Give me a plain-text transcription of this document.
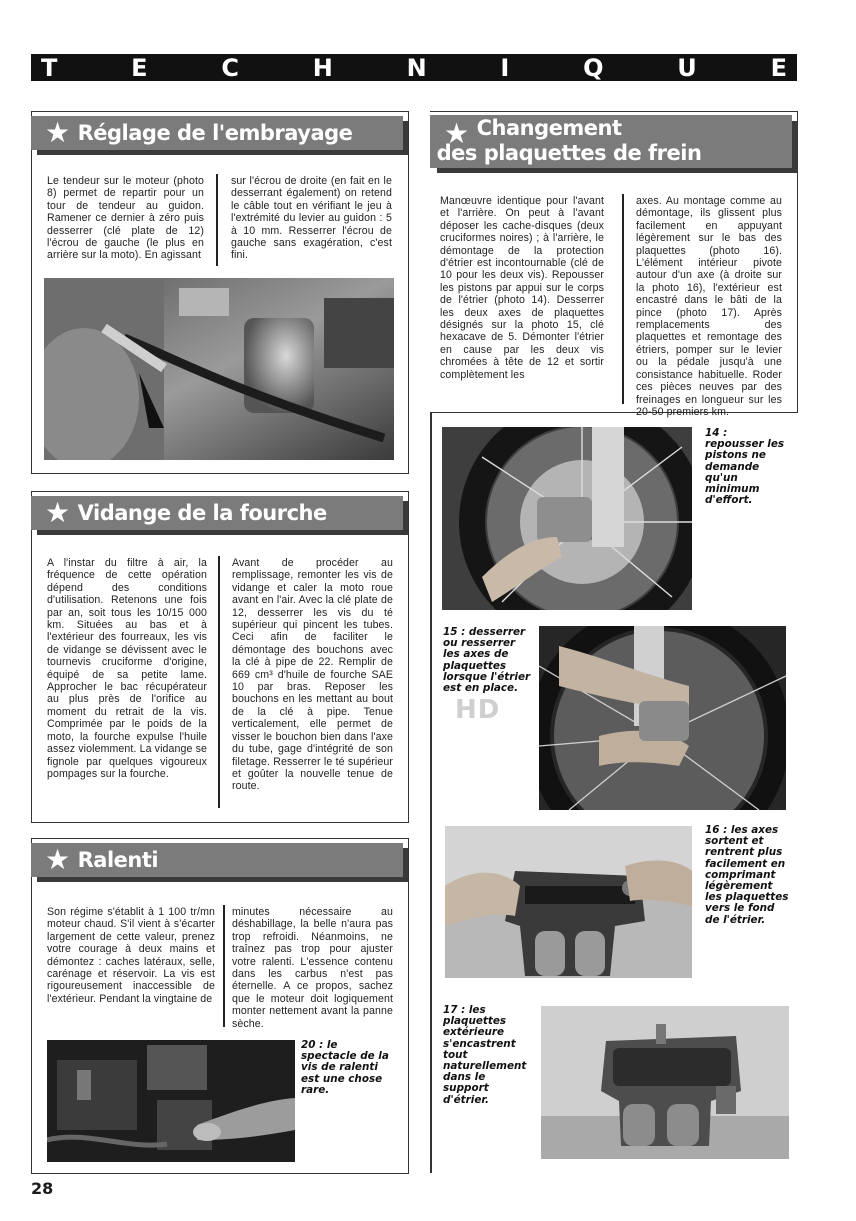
T	E	C	H	N	I	Q	U	E
★ Réglage de l'embrayage
Le tendeur sur le moteur (photo 8) permet de repartir pour un tour de tendeur au guidon. Ramener ce dernier à zéro puis desserrer (clé plate de 12) l'écrou de gauche (le plus en arrière sur la moto). En agissant
sur l'écrou de droite (en fait en le desserrant également) on retend le câble tout en vérifiant le jeu à l'extrémité du levier au guidon : 5 à 10 mm. Resserrer l'écrou de gauche sans exagération, c'est fini.
★ Vidange de la fourche
A l'instar du filtre à air, la fréquence de cette opération dépend des conditions d'utilisation. Retenons une fois par an, soit tous les 10/15 000 km. Situées au bas et à l'extérieur des fourreaux, les vis de vidange se dévissent avec le tournevis cruciforme d'origine, équipé de sa petite lame. Approcher le bac récupérateur au plus près de l'orifice au moment du retrait de la vis. Comprimée par le poids de la moto, la fourche expulse l'huile assez violemment. La vidange se fignole par quelques vigoureux pompages sur la fourche.
Avant de procéder au remplissage, remonter les vis de vidange et caler la moto roue avant en l'air. Avec la clé plate de 12, desserrer les vis du té supérieur qui pincent les tubes. Ceci afin de faciliter le démontage des bouchons avec la clé à pipe de 22. Remplir de 669 cm³ d'huile de fourche SAE 10 par bras. Reposer les bouchons en les mettant au bout de la clé à pipe. Tenue verticalement, elle permet de visser le bouchon bien dans l'axe du tube, gage d'intégrité de son filetage. Resserrer le té supérieur et goûter la nouvelle tenue de route.
★ Ralenti
Son régime s'établit à 1 100 tr/mn moteur chaud. S'il vient à s'écarter largement de cette valeur, prenez votre courage à deux mains et démontez : caches latéraux, selle, carénage et réservoir. La vis est rigoureusement inaccessible de l'extérieur. Pendant la vingtaine de
minutes nécessaire au déshabillage, la belle n'aura pas trop refroidi. Néanmoins, ne traînez pas trop pour ajuster votre ralenti. L'essence contenu dans les carbus n'est pas éternelle. A ce propos, sachez que le moteur doit logiquement monter nettement avant la panne sèche.
20 : le spectacle de la vis de ralenti est une chose rare.
★ Changement
des plaquettes de frein
Manœuvre identique pour l'avant et l'arrière. On peut à l'avant déposer les cache-disques (deux cruciformes noires) ; à l'arrière, le démontage de la protection d'étrier est incontournable (clé de 10 pour les deux vis). Repousser les pistons par appui sur le corps de l'étrier (photo 14). Desserrer les deux axes de plaquettes désignés sur la photo 15, clé hexacave de 5. Démonter l'étrier en cause par les deux vis chromées à tête de 12 et sortir complètement les
axes. Au montage comme au démontage, ils glissent plus facilement en appuyant légèrement sur le bas des plaquettes (photo 16). L'élément intérieur pivote autour d'un axe (à droite sur la photo 16), l'extérieur est encastré dans le bâti de la pince (photo 17). Après remplacements des plaquettes et remontage des étriers, pomper sur le levier ou la pédale jusqu'à une consistance habituelle. Roder ces pièces neuves par des freinages en longueur sur les 20-50 premiers km.
14 : repousser les pistons ne demande qu'un minimum d'effort.
15 : desserrer ou resserrer les axes de plaquettes lorsque l'étrier est en place.
HD
16 : les axes sortent et rentrent plus facilement en comprimant légèrement les plaquettes vers le fond de l'étrier.
17 : les plaquettes extérieure s'encastrent tout naturellement dans le support d'étrier.
28
